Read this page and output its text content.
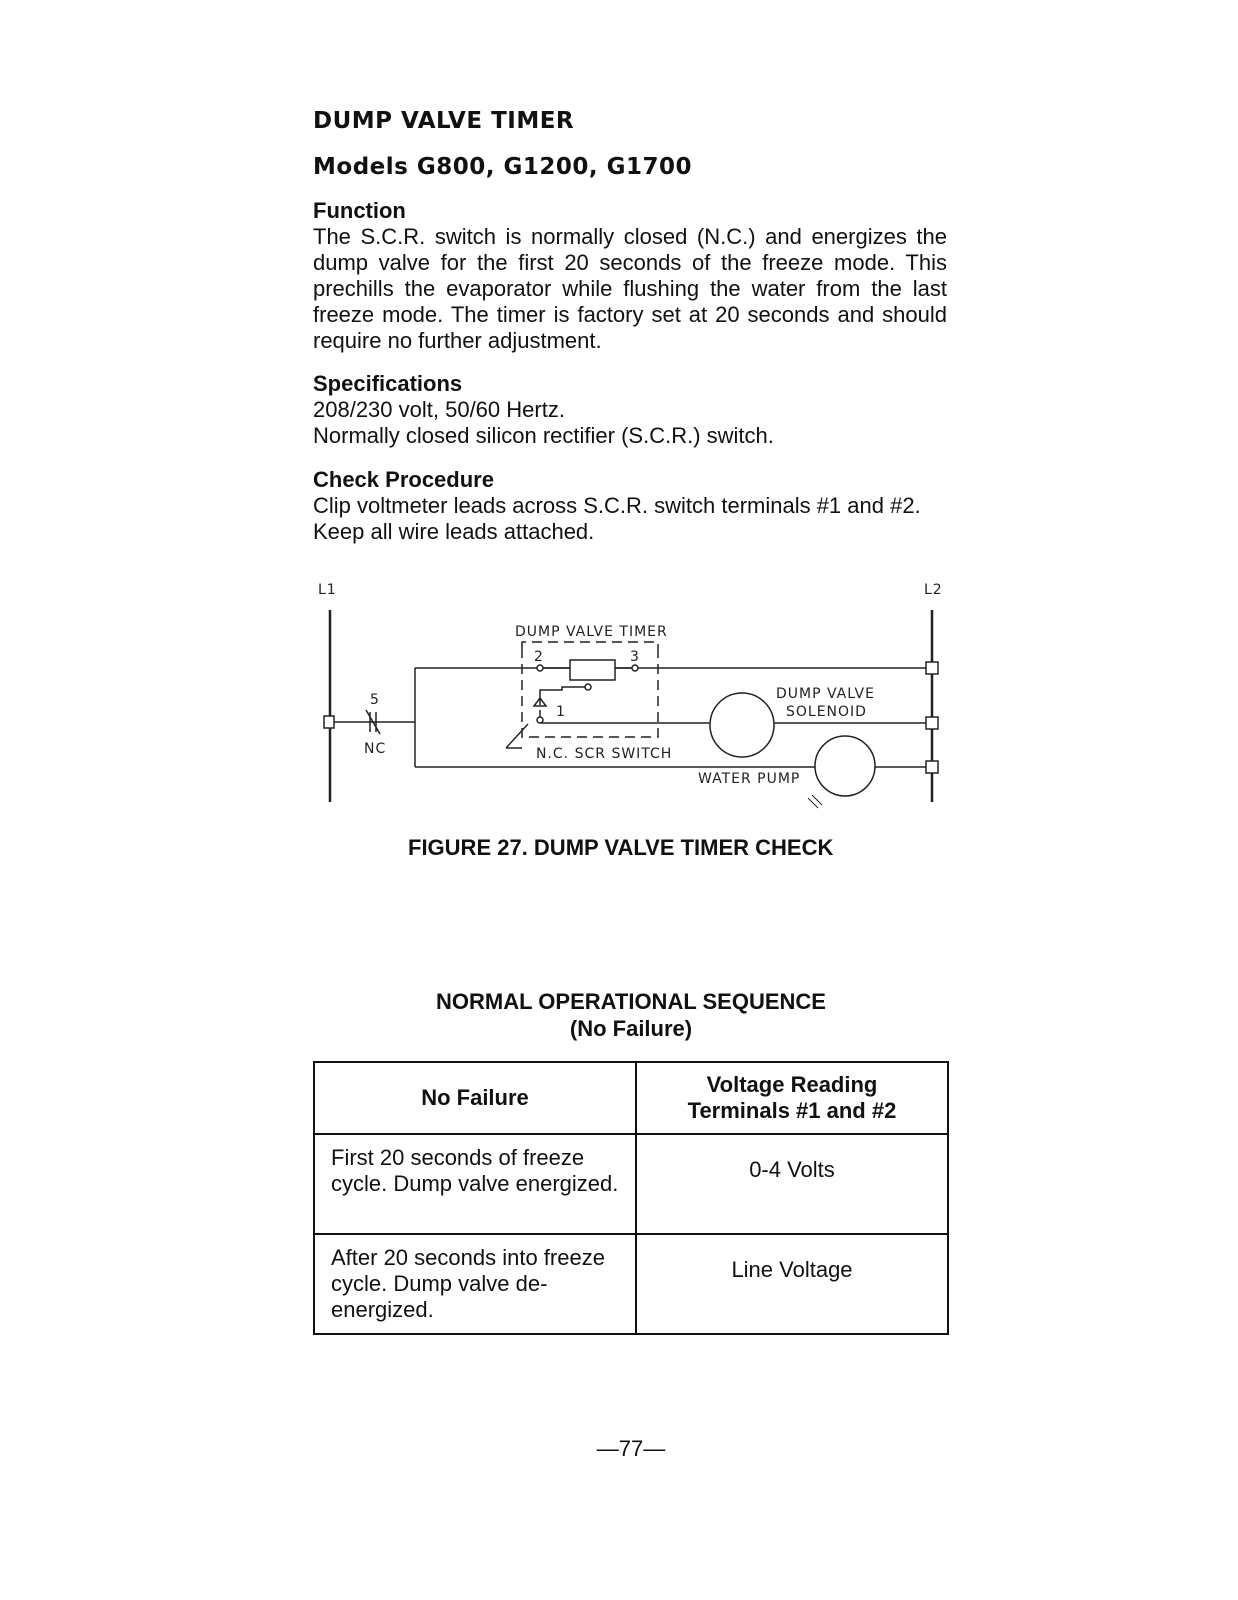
DUMP VALVE TIMER
Models G800, G1200, G1700
Function
The S.C.R. switch is normally closed (N.C.) and energizes the dump valve for the first 20 seconds of the freeze mode. This prechills the evaporator while flushing the water from the last freeze mode. The timer is factory set at 20 seconds and should require no further adjustment.
Specifications
208/230 volt, 50/60 Hertz.
Normally closed silicon rectifier (S.C.R.) switch.
Check Procedure
Clip voltmeter leads across S.C.R. switch terminals #1 and #2.
Keep all wire leads attached.
L1	L2
DUMP VALVE TIMER
2	3
1
5
NC	N.C. SCR SWITCH
DUMP VALVE
SOLENOID
WATER PUMP
FIGURE 27. DUMP VALVE TIMER CHECK
NORMAL OPERATIONAL SEQUENCE
(No Failure)
No Failure	Voltage Reading
Terminals #1 and #2
First 20 seconds of freeze cycle. Dump valve energized.	0-4 Volts
After 20 seconds into freeze cycle. Dump valve de-energized.	Line Voltage
—77—
